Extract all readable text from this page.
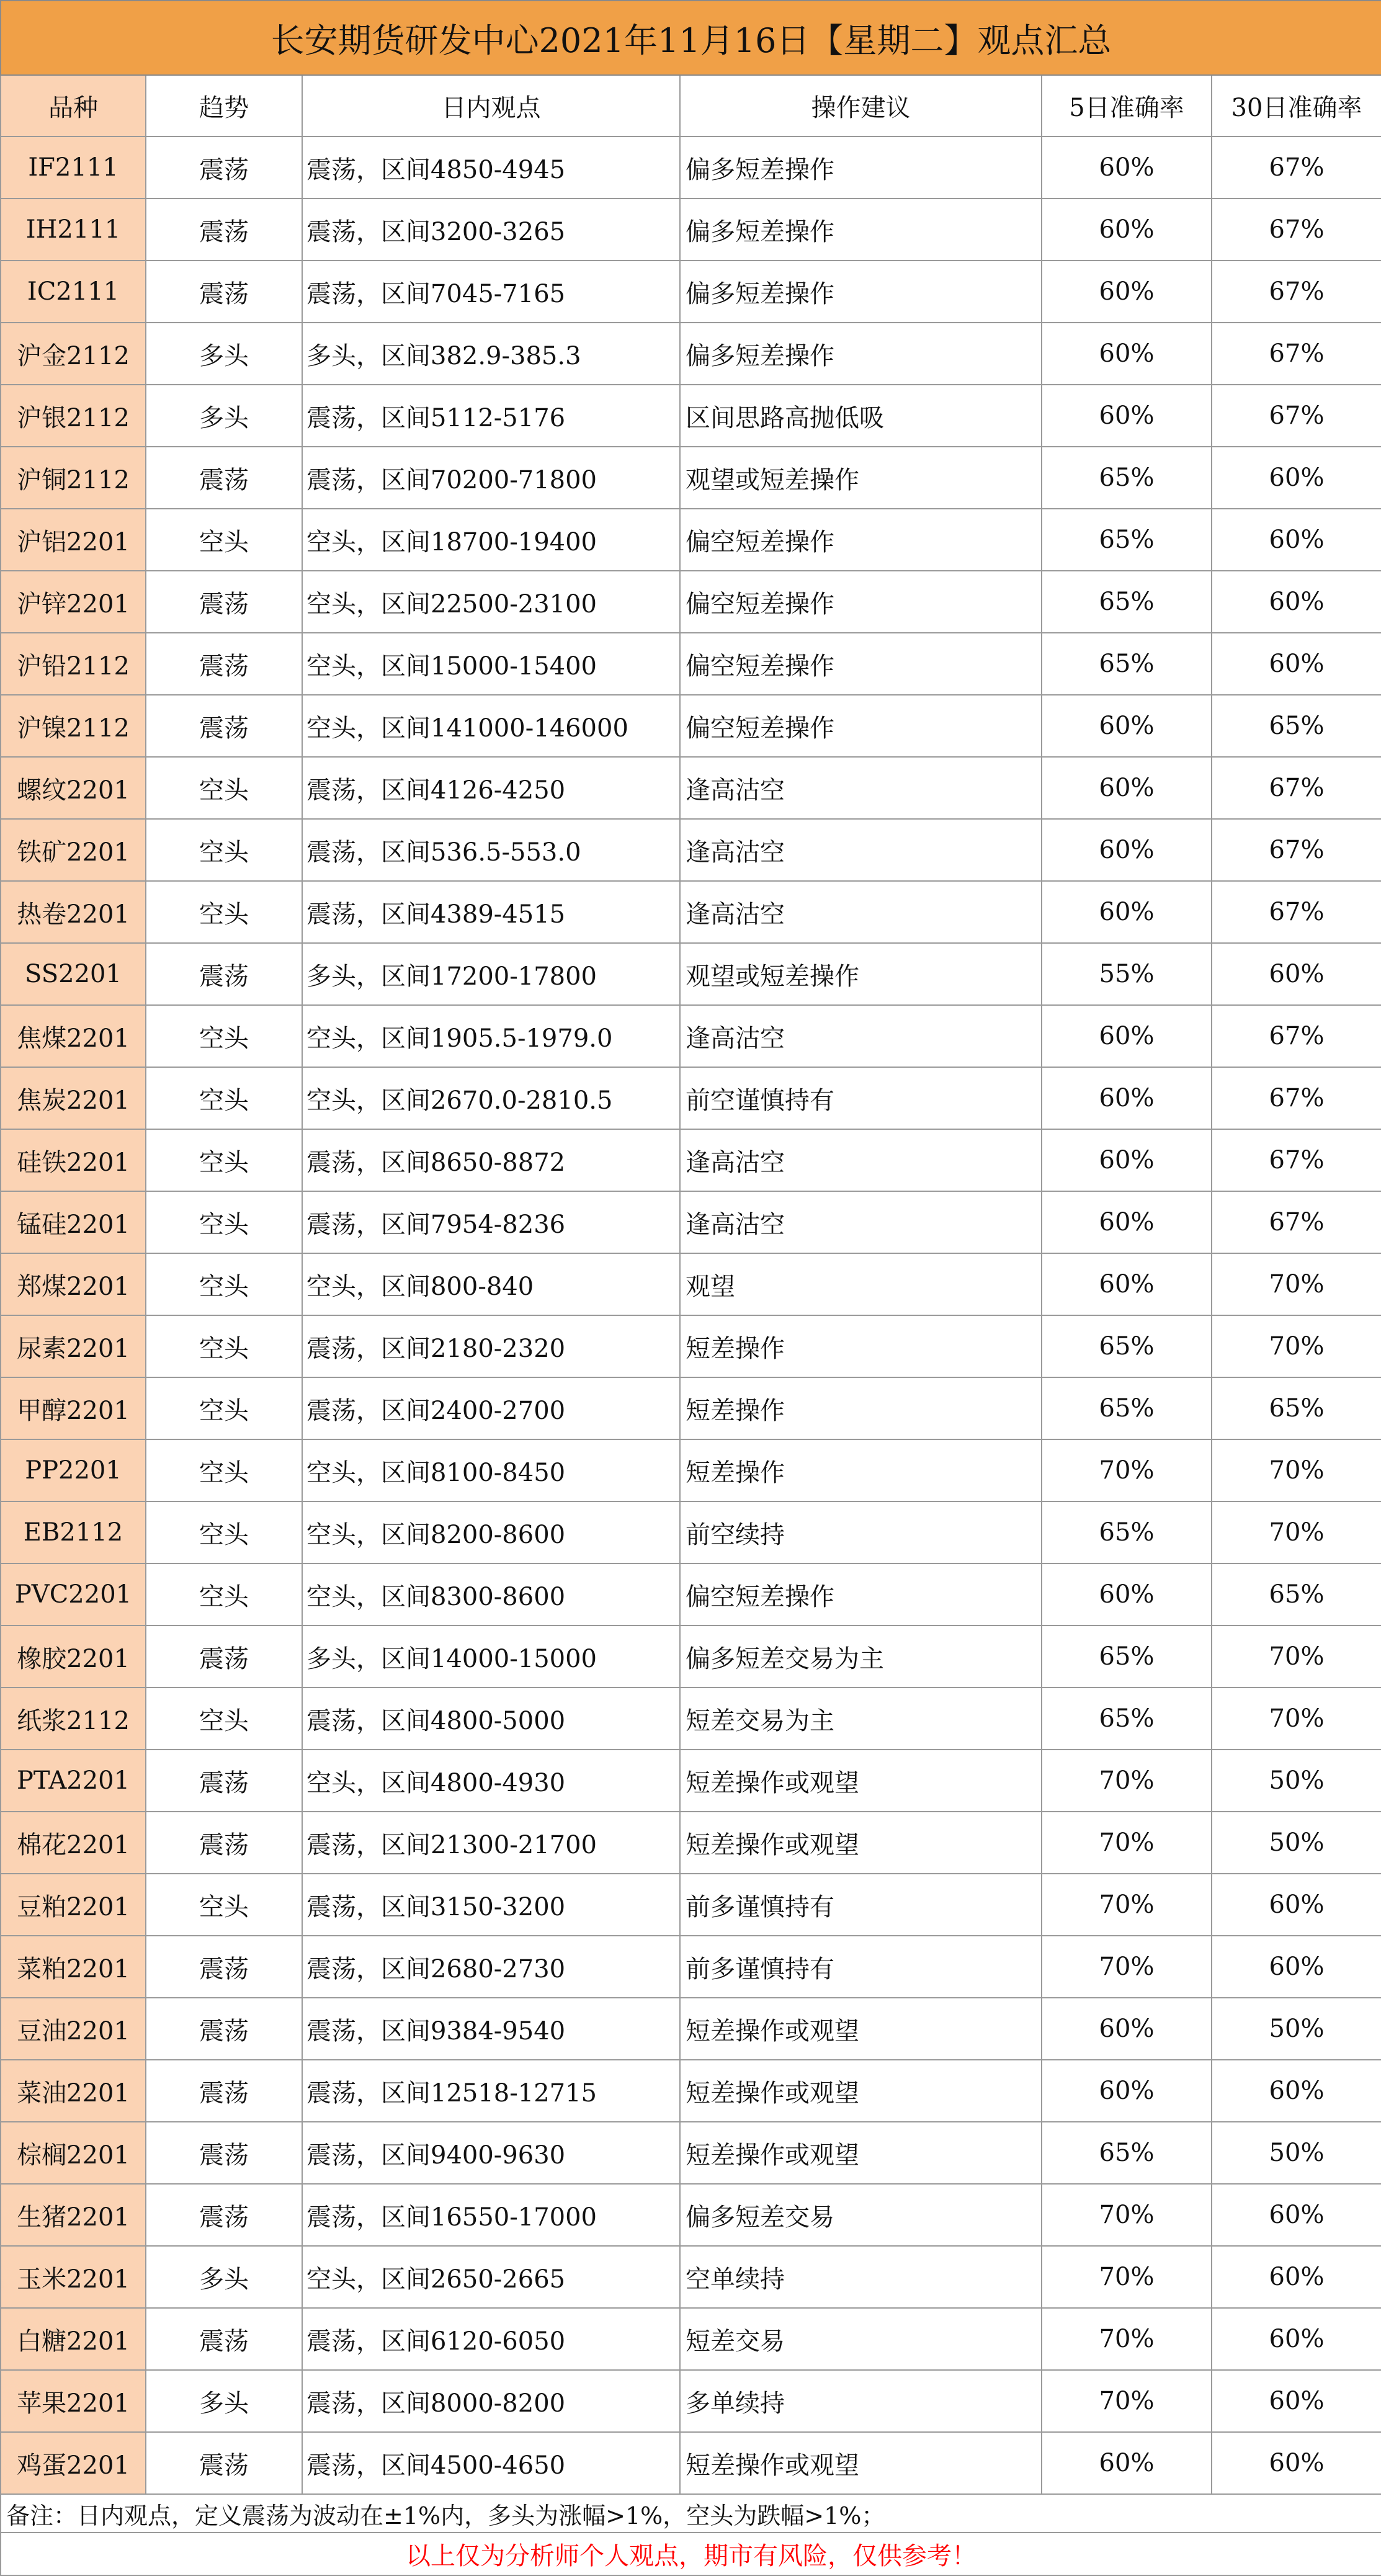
长安期货研发中心2021年11月16日【星期二】观点汇总					
品种	趋势	日内观点	操作建议	5日准确率	30日准确率
IF2111	震荡	震荡，区间4850-4945	偏多短差操作	60%	67%
IH2111	震荡	震荡，区间3200-3265	偏多短差操作	60%	67%
IC2111	震荡	震荡，区间7045-7165	偏多短差操作	60%	67%
沪金2112	多头	多头，区间382.9-385.3	偏多短差操作	60%	67%
沪银2112	多头	震荡，区间5112-5176	区间思路高抛低吸	60%	67%
沪铜2112	震荡	震荡，区间70200-71800	观望或短差操作	65%	60%
沪铝2201	空头	空头，区间18700-19400	偏空短差操作	65%	60%
沪锌2201	震荡	空头，区间22500-23100	偏空短差操作	65%	60%
沪铅2112	震荡	空头，区间15000-15400	偏空短差操作	65%	60%
沪镍2112	震荡	空头，区间141000-146000	偏空短差操作	60%	65%
螺纹2201	空头	震荡，区间4126-4250	逢高沽空	60%	67%
铁矿2201	空头	震荡，区间536.5-553.0	逢高沽空	60%	67%
热卷2201	空头	震荡，区间4389-4515	逢高沽空	60%	67%
SS2201	震荡	多头，区间17200-17800	观望或短差操作	55%	60%
焦煤2201	空头	空头，区间1905.5-1979.0	逢高沽空	60%	67%
焦炭2201	空头	空头，区间2670.0-2810.5	前空谨慎持有	60%	67%
硅铁2201	空头	震荡，区间8650-8872	逢高沽空	60%	67%
锰硅2201	空头	震荡，区间7954-8236	逢高沽空	60%	67%
郑煤2201	空头	空头，区间800-840	观望	60%	70%
尿素2201	空头	震荡，区间2180-2320	短差操作	65%	70%
甲醇2201	空头	震荡，区间2400-2700	短差操作	65%	65%
PP2201	空头	空头，区间8100-8450	短差操作	70%	70%
EB2112	空头	空头，区间8200-8600	前空续持	65%	70%
PVC2201	空头	空头，区间8300-8600	偏空短差操作	60%	65%
橡胶2201	震荡	多头，区间14000-15000	偏多短差交易为主	65%	70%
纸浆2112	空头	震荡，区间4800-5000	短差交易为主	65%	70%
PTA2201	震荡	空头，区间4800-4930	短差操作或观望	70%	50%
棉花2201	震荡	震荡，区间21300-21700	短差操作或观望	70%	50%
豆粕2201	空头	震荡，区间3150-3200	前多谨慎持有	70%	60%
菜粕2201	震荡	震荡，区间2680-2730	前多谨慎持有	70%	60%
豆油2201	震荡	震荡，区间9384-9540	短差操作或观望	60%	50%
菜油2201	震荡	震荡，区间12518-12715	短差操作或观望	60%	60%
棕榈2201	震荡	震荡，区间9400-9630	短差操作或观望	65%	50%
生猪2201	震荡	震荡，区间16550-17000	偏多短差交易	70%	60%
玉米2201	多头	空头，区间2650-2665	空单续持	70%	60%
白糖2201	震荡	震荡，区间6120-6050	短差交易	70%	60%
苹果2201	多头	震荡，区间8000-8200	多单续持	70%	60%
鸡蛋2201	震荡	震荡，区间4500-4650	短差操作或观望	60%	60%
备注：日内观点，定义震荡为波动在±1%内，多头为涨幅>1%，空头为跌幅>1%；					
以上仅为分析师个人观点，期市有风险，仅供参考！					
